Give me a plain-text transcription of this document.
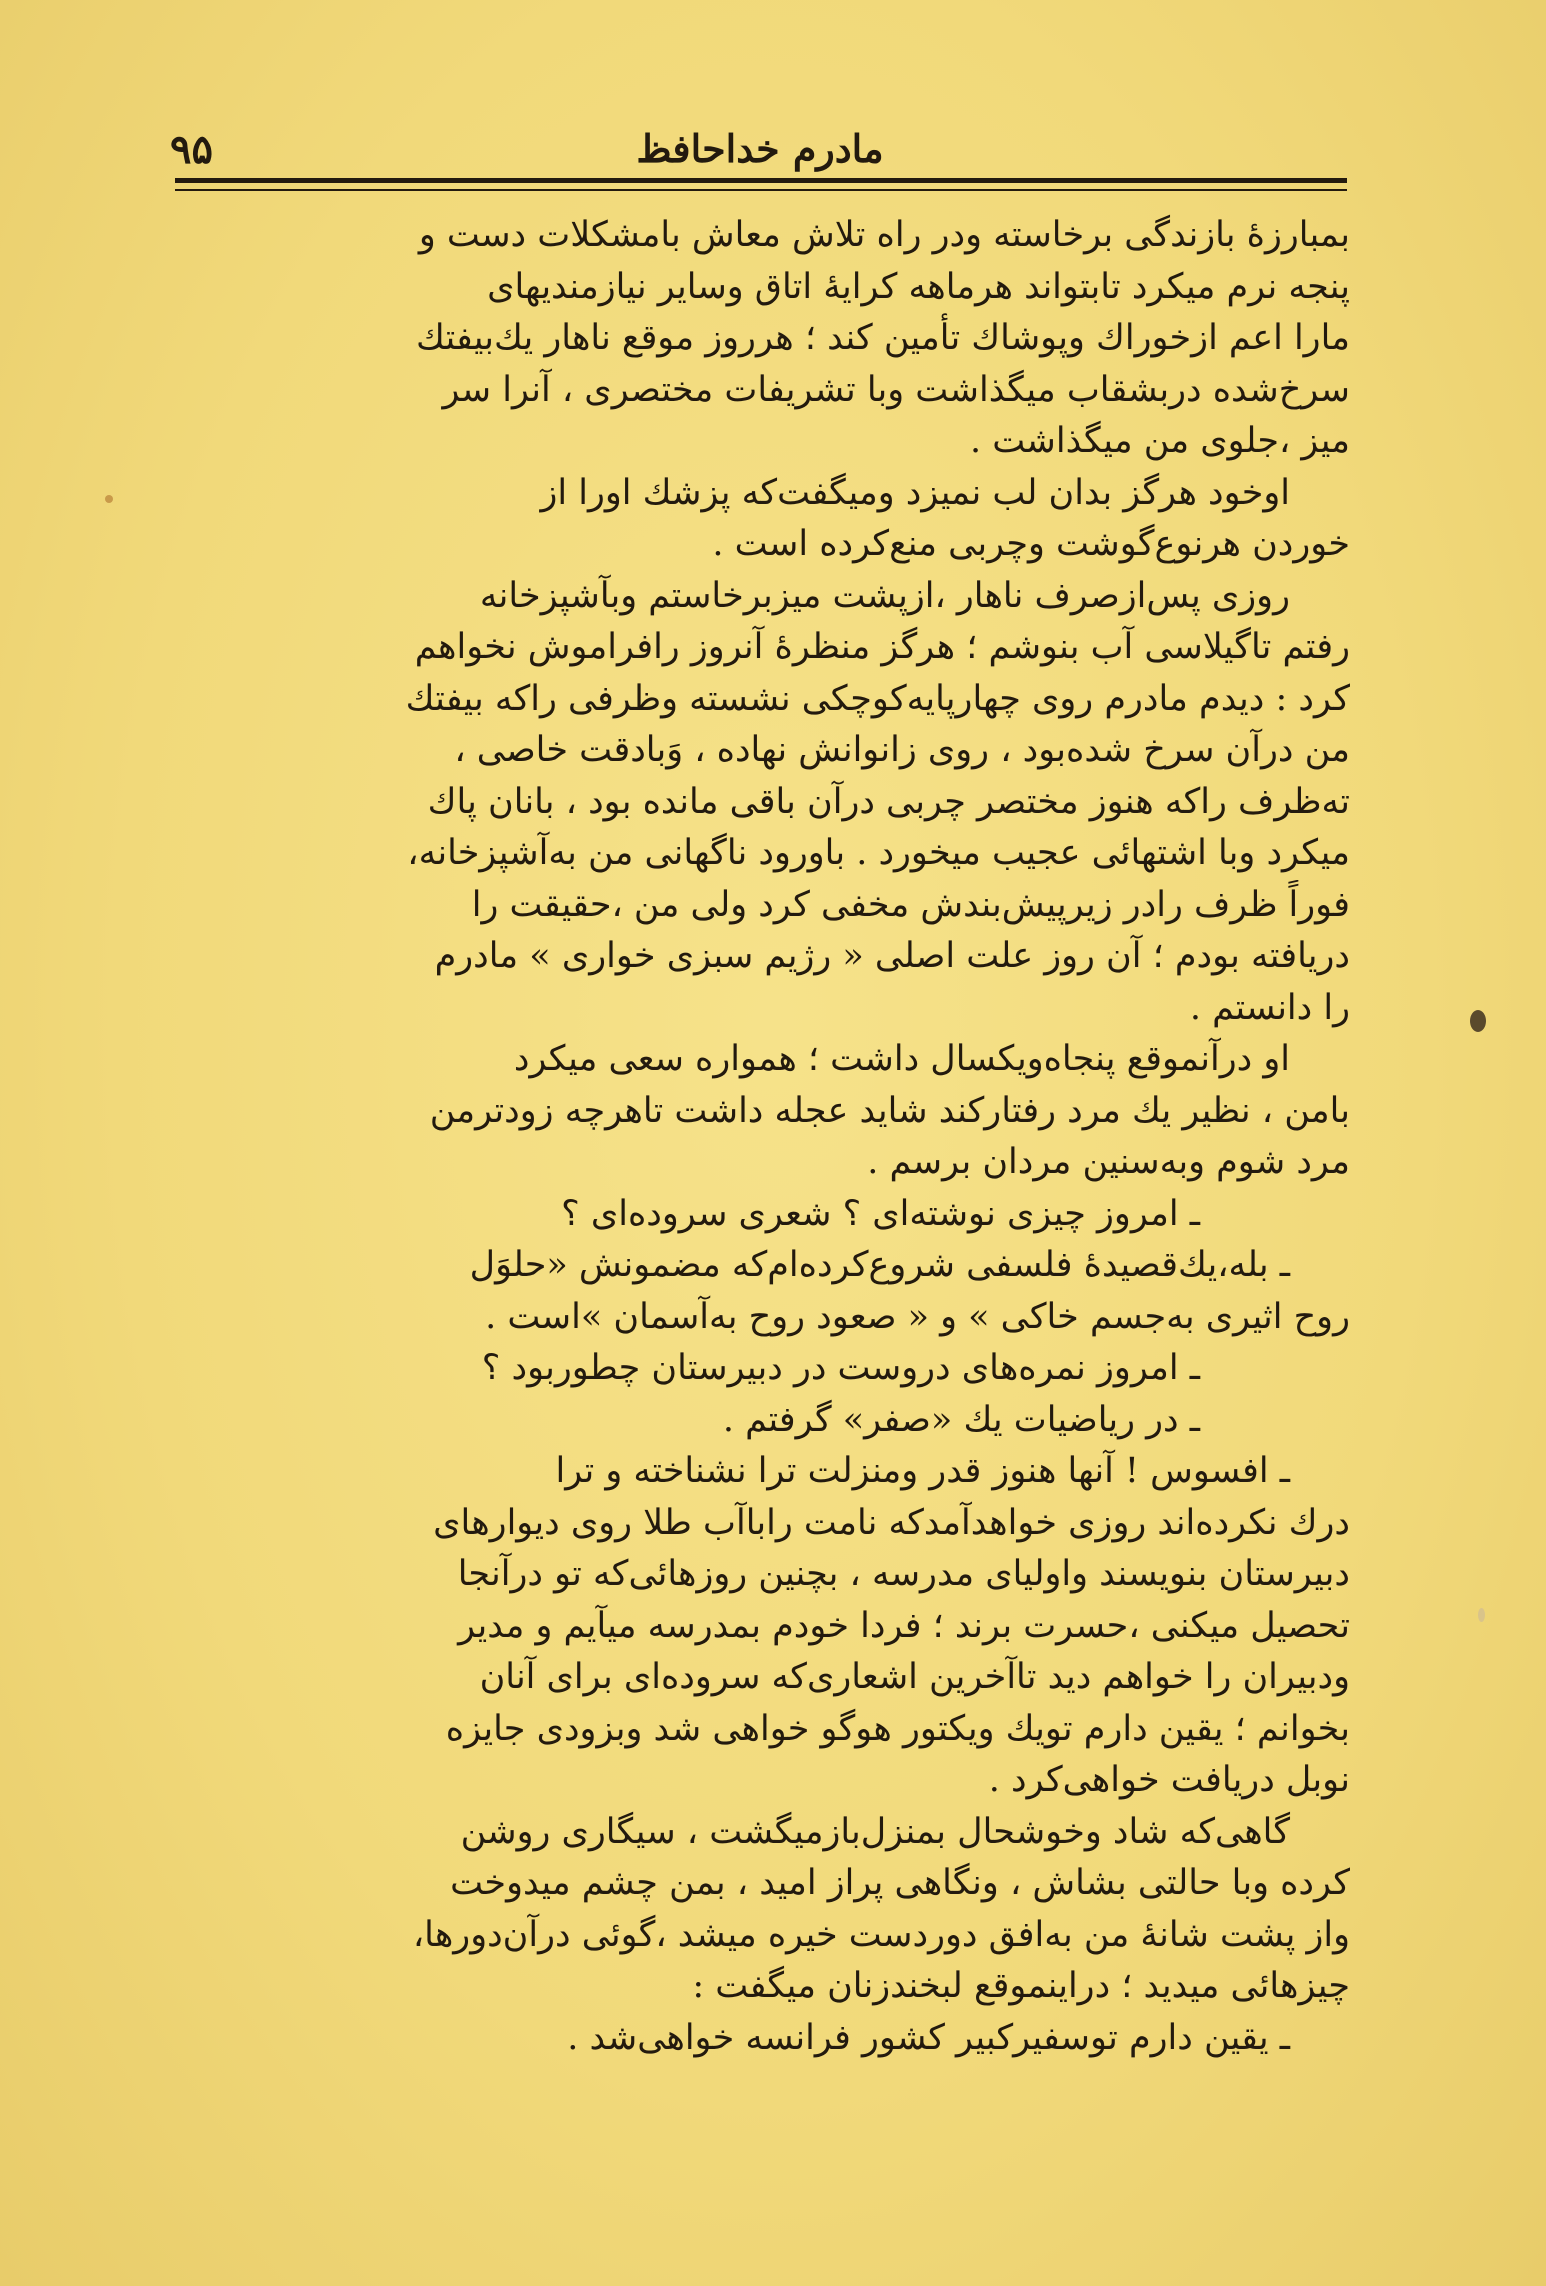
۹۵	مادرم خداحافظ
بمبارزهٔ بازندگی برخاسته ودر راه تلاش معاش بامشکلات دست و
پنجه نرم میکرد تابتواند هرماهه کرایهٔ اتاق وسایر نیازمندیهای
مارا اعم ازخوراك وپوشاك تأمین کند ؛ هرروز موقع ناهار يك‌بيفتك
سرخ‌شده دربشقاب میگذاشت وبا تشریفات مختصری ، آنرا سر
میز ،جلوی من میگذاشت .
اوخود هرگز بدان لب نمیزد ومیگفت‌که پزشك اورا از
خوردن هرنوع‌گوشت وچربی منع‌کرده است .
روزی پس‌ازصرف ناهار ،ازپشت میزبرخاستم وبآشپزخانه
رفتم تاگیلاسی آب بنوشم ؛ هرگز منظرهٔ آنروز رافراموش نخواهم
کرد : دیدم مادرم روی چهارپایه‌کوچکی نشسته وظرفی راکه بیفتك
من درآن سرخ شده‌بود ، روی زانوانش نهاده ، وَبادقت خاصی ،
ته‌ظرف راکه هنوز مختصر چربی درآن باقی مانده بود ، بانان پاك
میکرد وبا اشتهائی عجیب میخورد . باورود ناگهانی من به‌آشپزخانه،
فوراً ظرف رادر زیرپیش‌بندش مخفی کرد ولی من ،حقیقت را
دریافته بودم ؛ آن روز علت اصلی « رژیم سبزی خواری » مادرم
را دانستم .
او درآنموقع پنجاه‌ویکسال داشت ؛ همواره سعی میکرد
بامن ، نظیر يك مرد رفتارکند شاید عجله داشت تاهرچه زودترمن
مرد شوم وبه‌سنین مردان برسم .
ـ امروز چیزی نوشته‌ای ؟ شعری سروده‌ای ؟
ـ بله،يك‌قصيدهٔ فلسفی شروع‌کرده‌ام‌که مضمونش «حلوَل
روح اثیری به‌جسم خاکی » و « صعود روح به‌آسمان »است .
ـ امروز نمره‌های دروست در دبیرستان چطوربود ؟
ـ در ریاضیات يك «صفر» گرفتم .
ـ افسوس ! آنها هنوز قدر ومنزلت ترا نشناخته و ترا
درك نکرده‌اند روزی خواهدآمدکه نامت راباآب طلا روی دیوارهای
دبیرستان بنویسند واولیای مدرسه ، بچنین روزهائی‌که تو درآنجا
تحصیل میکنی ،حسرت برند ؛ فردا خودم بمدرسه میآیم و مدیر
ودبیران را خواهم دید تاآخرین اشعاری‌که سروده‌ای برای آنان
بخوانم ؛ یقین دارم تویك ویکتور هوگو خواهی شد وبزودی جایزه
نوبل دریافت خواهی‌کرد .
گاهی‌که شاد وخوشحال بمنزل‌بازمیگشت ، سیگاری روشن
کرده وبا حالتی بشاش ، ونگاهی پراز امید ، بمن چشم میدوخت
واز پشت شانهٔ من به‌افق دوردست خیره میشد ،گوئی درآن‌دورها،
چیزهائی میدید ؛ دراینموقع لبخندزنان میگفت :
ـ یقین دارم توسفیرکبیر کشور فرانسه خواهی‌شد .
